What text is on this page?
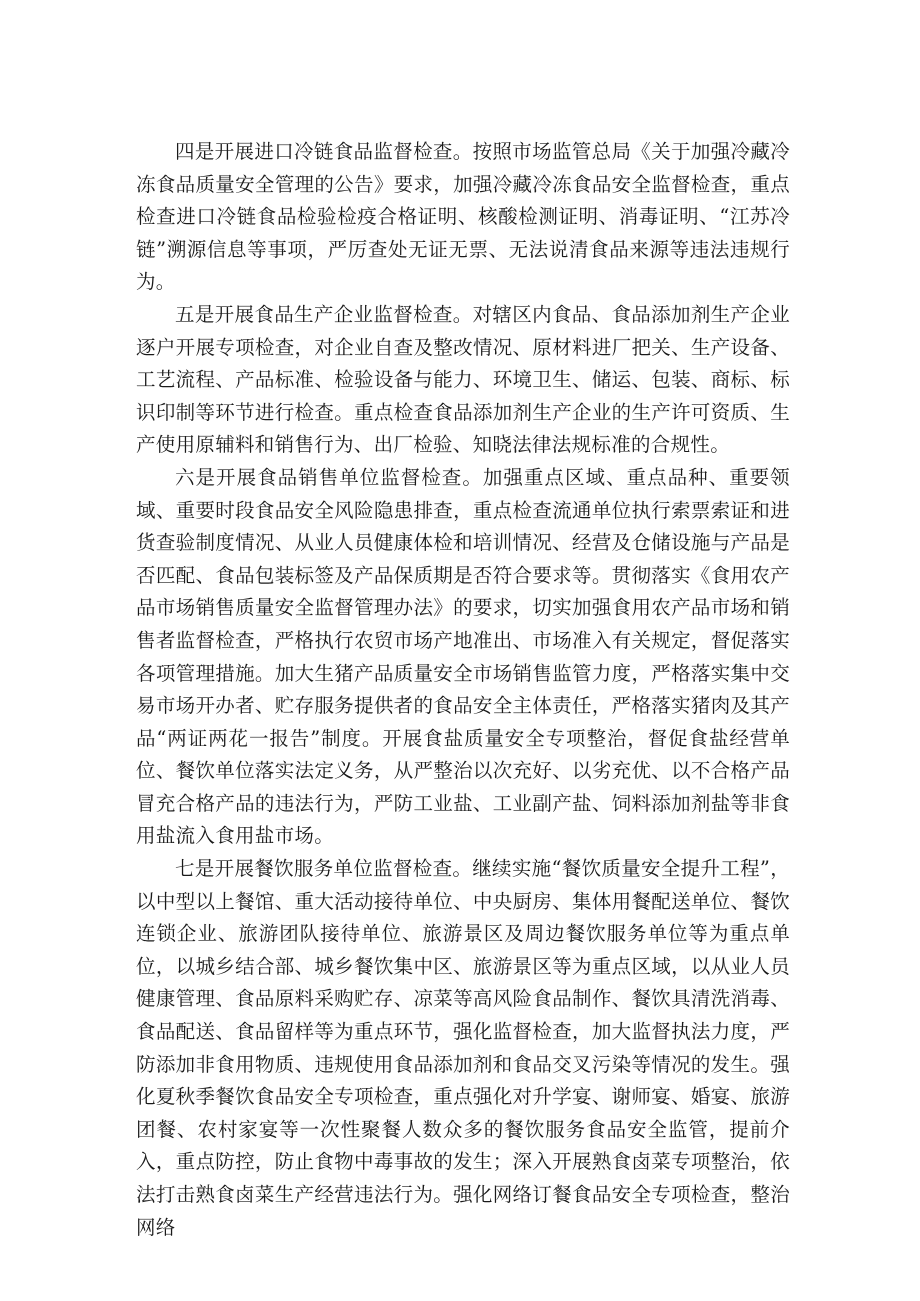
四是开展进口冷链食品监督检查。按照市场监管总局《关于加强冷藏冷冻食品质量安全管理的公告》要求，加强冷藏冷冻食品安全监督检查，重点检查进口冷链食品检验检疫合格证明、核酸检测证明、消毒证明、“江苏冷链”溯源信息等事项，严厉查处无证无票、无法说清食品来源等违法违规行为。

五是开展食品生产企业监督检查。对辖区内食品、食品添加剂生产企业逐户开展专项检查，对企业自查及整改情况、原材料进厂把关、生产设备、工艺流程、产品标准、检验设备与能力、环境卫生、储运、包装、商标、标识印制等环节进行检查。重点检查食品添加剂生产企业的生产许可资质、生产使用原辅料和销售行为、出厂检验、知晓法律法规标准的合规性。

六是开展食品销售单位监督检查。加强重点区域、重点品种、重要领域、重要时段食品安全风险隐患排查，重点检查流通单位执行索票索证和进货查验制度情况、从业人员健康体检和培训情况、经营及仓储设施与产品是否匹配、食品包装标签及产品保质期是否符合要求等。贯彻落实《食用农产品市场销售质量安全监督管理办法》的要求，切实加强食用农产品市场和销售者监督检查，严格执行农贸市场产地准出、市场准入有关规定，督促落实各项管理措施。加大生猪产品质量安全市场销售监管力度，严格落实集中交易市场开办者、贮存服务提供者的食品安全主体责任，严格落实猪肉及其产品“两证两花一报告”制度。开展食盐质量安全专项整治，督促食盐经营单位、餐饮单位落实法定义务，从严整治以次充好、以劣充优、以不合格产品冒充合格产品的违法行为，严防工业盐、工业副产盐、饲料添加剂盐等非食用盐流入食用盐市场。

七是开展餐饮服务单位监督检查。继续实施“餐饮质量安全提升工程”，以中型以上餐馆、重大活动接待单位、中央厨房、集体用餐配送单位、餐饮连锁企业、旅游团队接待单位、旅游景区及周边餐饮服务单位等为重点单位，以城乡结合部、城乡餐饮集中区、旅游景区等为重点区域，以从业人员健康管理、食品原料采购贮存、凉菜等高风险食品制作、餐饮具清洗消毒、食品配送、食品留样等为重点环节，强化监督检查，加大监督执法力度，严防添加非食用物质、违规使用食品添加剂和食品交叉污染等情况的发生。强化夏秋季餐饮食品安全专项检查，重点强化对升学宴、谢师宴、婚宴、旅游团餐、农村家宴等一次性聚餐人数众多的餐饮服务食品安全监管，提前介入，重点防控，防止食物中毒事故的发生；深入开展熟食卤菜专项整治，依法打击熟食卤菜生产经营违法行为。强化网络订餐食品安全专项检查，整治网络
